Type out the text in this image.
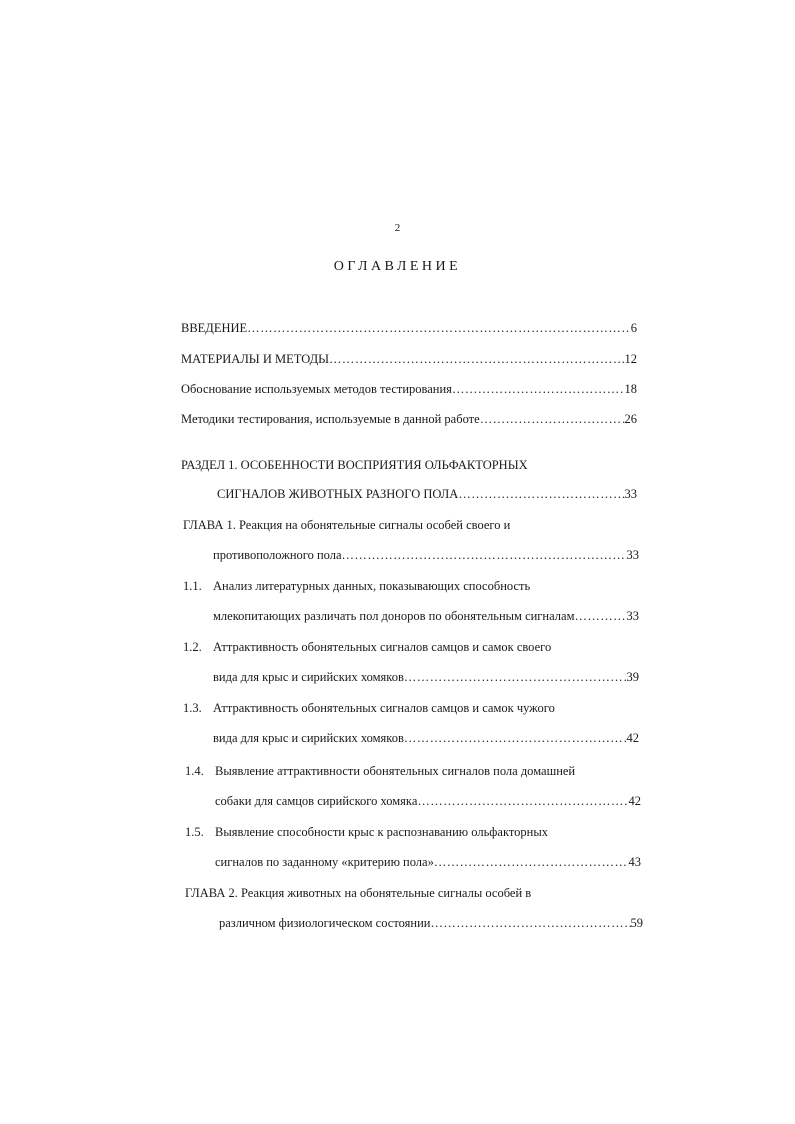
2
ОГЛАВЛЕНИЕ
ВВЕДЕНИЕ ………………………………………………………………………………………………………………………………………………………………………………………………	6
МАТЕРИАЛЫ И МЕТОДЫ ………………………………………………………………………………………………………………………………………………………………………………………………	12
Обоснование используемых методов тестирования ………………………………………………………………………………………………………………………………………………………………………………………………	18
Методики тестирования, используемые в данной работе ………………………………………………………………………………………………………………………………………………………………………………………………	26
РАЗДЕЛ 1. ОСОБЕННОСТИ ВОСПРИЯТИЯ ОЛЬФАКТОРНЫХ
СИГНАЛОВ ЖИВОТНЫХ РАЗНОГО ПОЛА ………………………………………………………………………………………………………………………………………………………………………………………………	33
ГЛАВА 1. Реакция на обонятельные сигналы особей своего и
противоположного пола ………………………………………………………………………………………………………………………………………………………………………………………………	33
1.1. Анализ литературных данных, показывающих способность
млекопитающих различать пол доноров по обонятельным сигналам ………………………………………………………………………………………………………………………………………………………………………………………………	33
1.2. Аттрактивность обонятельных сигналов самцов и самок своего
вида для крыс и сирийских хомяков ………………………………………………………………………………………………………………………………………………………………………………………………	39
1.3. Аттрактивность обонятельных сигналов самцов и самок чужого
вида для крыс и сирийских хомяков ………………………………………………………………………………………………………………………………………………………………………………………………	42
1.4. Выявление аттрактивности обонятельных сигналов пола домашней
собаки для самцов сирийского хомяка ………………………………………………………………………………………………………………………………………………………………………………………………	42
1.5. Выявление способности крыс к распознаванию ольфакторных
сигналов по заданному «критерию пола» ………………………………………………………………………………………………………………………………………………………………………………………………	43
ГЛАВА 2. Реакция животных на обонятельные сигналы особей в
различном физиологическом состоянии ………………………………………………………………………………………………………………………………………………………………………………………………	59
